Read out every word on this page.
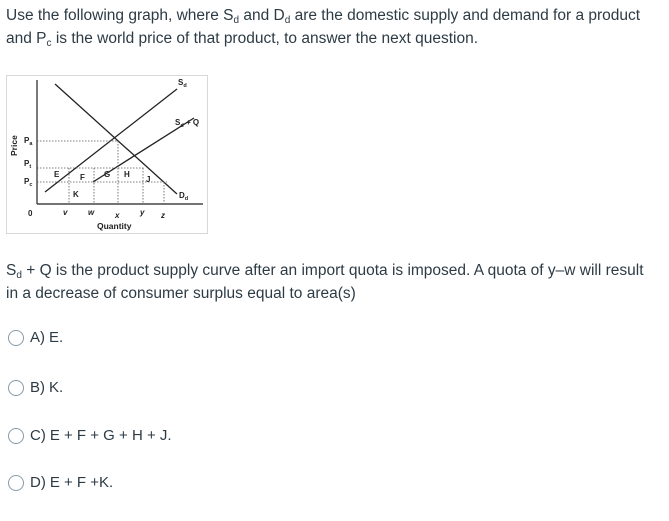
Use the following graph, where $S_d$ and $D_d$ are the domestic supply and demand for a product and $P_c$ is the world price of that product, to answer the next question.
Price
Quantity
$P_a$
$P_t$
$P_c$
0	v	w	x	y z
E	F G H
J
K
$S_d$
$S_d + Q$
$D_d$
$S_d + Q$ is the product supply curve after an import quota is imposed. A quota of y–w will result in a decrease of consumer surplus equal to area(s)
A) E.
B) K.
C) E + F + G + H + J.
D) E + F +K.
